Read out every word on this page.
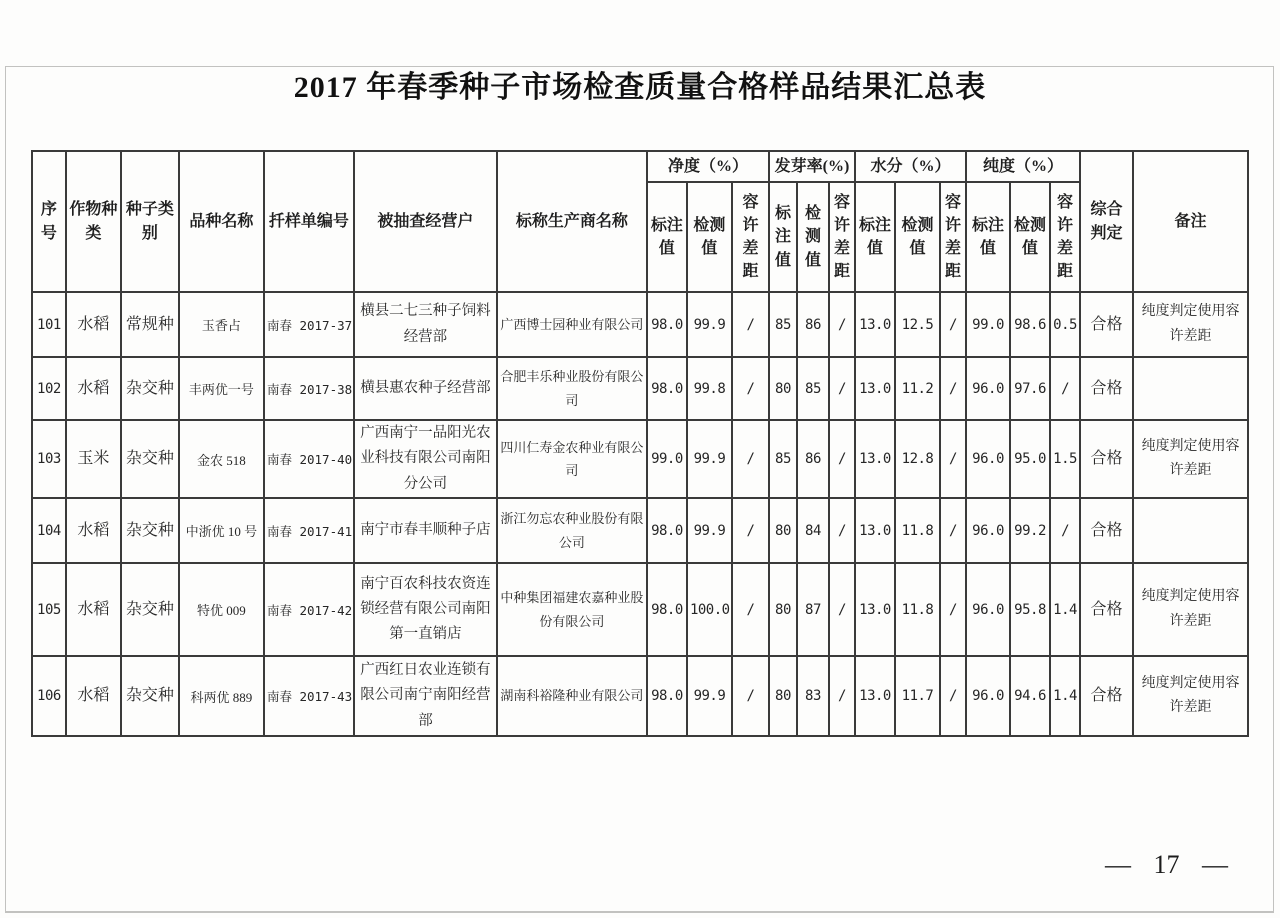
2017 年春季种子市场检查质量合格样品结果汇总表
序号	作物种类	种子类别	品种名称	扦样单编号	被抽查经营户	标称生产商名称	净度（%）			发芽率(%)			水分（%）			纯度（%）			综合判定	备注
							标注值	检测值	容许差距	标注值	检测值	容许差距	标注值	检测值	容许差距	标注值	检测值	容许差距		
101	水稻	常规种	玉香占	南春 2017-37	横县二七三种子饲料经营部	广西博士园种业有限公司	98.0	99.9	/	85	86	/	13.0	12.5	/	99.0	98.6	0.5	合格	纯度判定使用容许差距
102	水稻	杂交种	丰两优一号	南春 2017-38	横县惠农种子经营部	合肥丰乐种业股份有限公司	98.0	99.8	/	80	85	/	13.0	11.2	/	96.0	97.6	/	合格	
103	玉米	杂交种	金农 518	南春 2017-40	广西南宁一品阳光农业科技有限公司南阳分公司	四川仁寿金农种业有限公司	99.0	99.9	/	85	86	/	13.0	12.8	/	96.0	95.0	1.5	合格	纯度判定使用容许差距
104	水稻	杂交种	中浙优 10 号	南春 2017-41	南宁市春丰顺种子店	浙江勿忘农种业股份有限公司	98.0	99.9	/	80	84	/	13.0	11.8	/	96.0	99.2	/	合格	
105	水稻	杂交种	特优 009	南春 2017-42	南宁百农科技农资连锁经营有限公司南阳第一直销店	中种集团福建农嘉种业股份有限公司	98.0	100.0	/	80	87	/	13.0	11.8	/	96.0	95.8	1.4	合格	纯度判定使用容许差距
106	水稻	杂交种	科两优 889	南春 2017-43	广西红日农业连锁有限公司南宁南阳经营部	湖南科裕隆种业有限公司	98.0	99.9	/	80	83	/	13.0	11.7	/	96.0	94.6	1.4	合格	纯度判定使用容许差距
— 17 —
